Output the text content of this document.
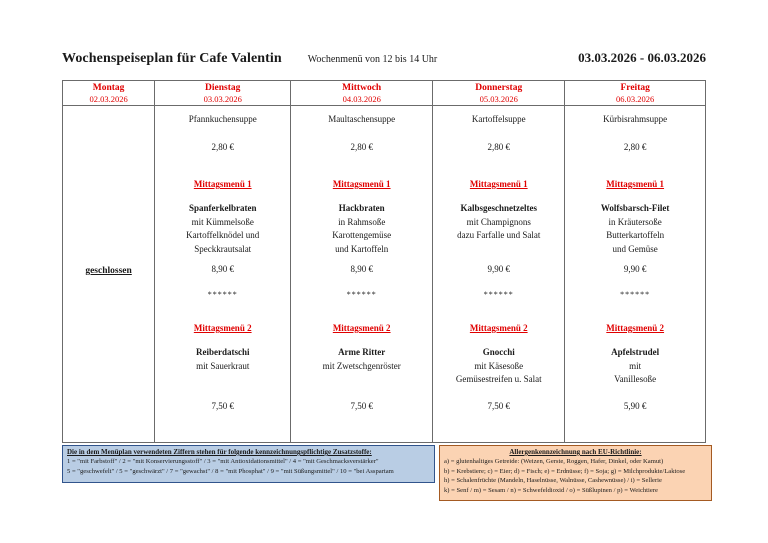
Wochenspeiseplan für Cafe Valentin	Wochenmenü von 12 bis 14 Uhr	03.03.2026 - 06.03.2026
Montag
02.03.2026
geschlossen
Dienstag
03.03.2026
Pfannkuchensuppe
2,80 €
Mittagsmenü 1
Spanferkelbraten
mit Kümmelsoße
Kartoffelknödel und
Speckkrautsalat
8,90 €
******
Mittagsmenü 2
Reiberdatschi
mit Sauerkraut
7,50 €
Mittwoch
04.03.2026
Maultaschensuppe
2,80 €
Mittagsmenü 1
Hackbraten
in Rahmsoße
Karottengemüse
und Kartoffeln
8,90 €
******
Mittagsmenü 2
Arme Ritter
mit Zwetschgenröster
7,50 €
Donnerstag
05.03.2026
Kartoffelsuppe
2,80 €
Mittagsmenü 1
Kalbsgeschnetzeltes
mit Champignons
dazu Farfalle und Salat
9,90 €
******
Mittagsmenü 2
Gnocchi
mit Käsesoße
Gemüsestreifen u. Salat
7,50 €
Freitag
06.03.2026
Kürbisrahmsuppe
2,80 €
Mittagsmenü 1
Wolfsbarsch-Filet
in Kräutersoße
Butterkartoffeln
und Gemüse
9,90 €
******
Mittagsmenü 2
Apfelstrudel
mit
Vanillesoße
5,90 €
Die in dem Menüplan verwendeten Ziffern stehen für folgende kennzeichnungspflichtige Zusatzstoffe:
1 = "mit Farbstoff" / 2 = "mit Konservierungsstoff" / 3 = "mit Antioxidationsmittel" / 4 = "mit Geschmacksverstärker"
5 = "geschwefelt" / 5 = "geschwärzt" / 7 = "gewachst" / 8 = "mit Phosphat" / 9 = "mit Süßungsmittel" / 10 = "bei Asspartam
Allergenkennzeichnung nach EU-Richtlinie:
a) = glutenhaltiges Getreide: (Weizen, Gerste, Roggen, Hafer, Dinkel, oder Kamut)
b) = Krebstiere; c) = Eier; d) = Fisch; e) = Erdnüsse; f) = Soja; g) = Milchprodukte/Laktose
h) = Schalenfrüchte (Mandeln, Haselnüsse, Walnüsse, Cashewnüsse) / i) = Sellerie
k) = Senf / m) = Sesam / n) = Schwefeldioxid / o) = Süßlupinen / p) = Weichtiere
